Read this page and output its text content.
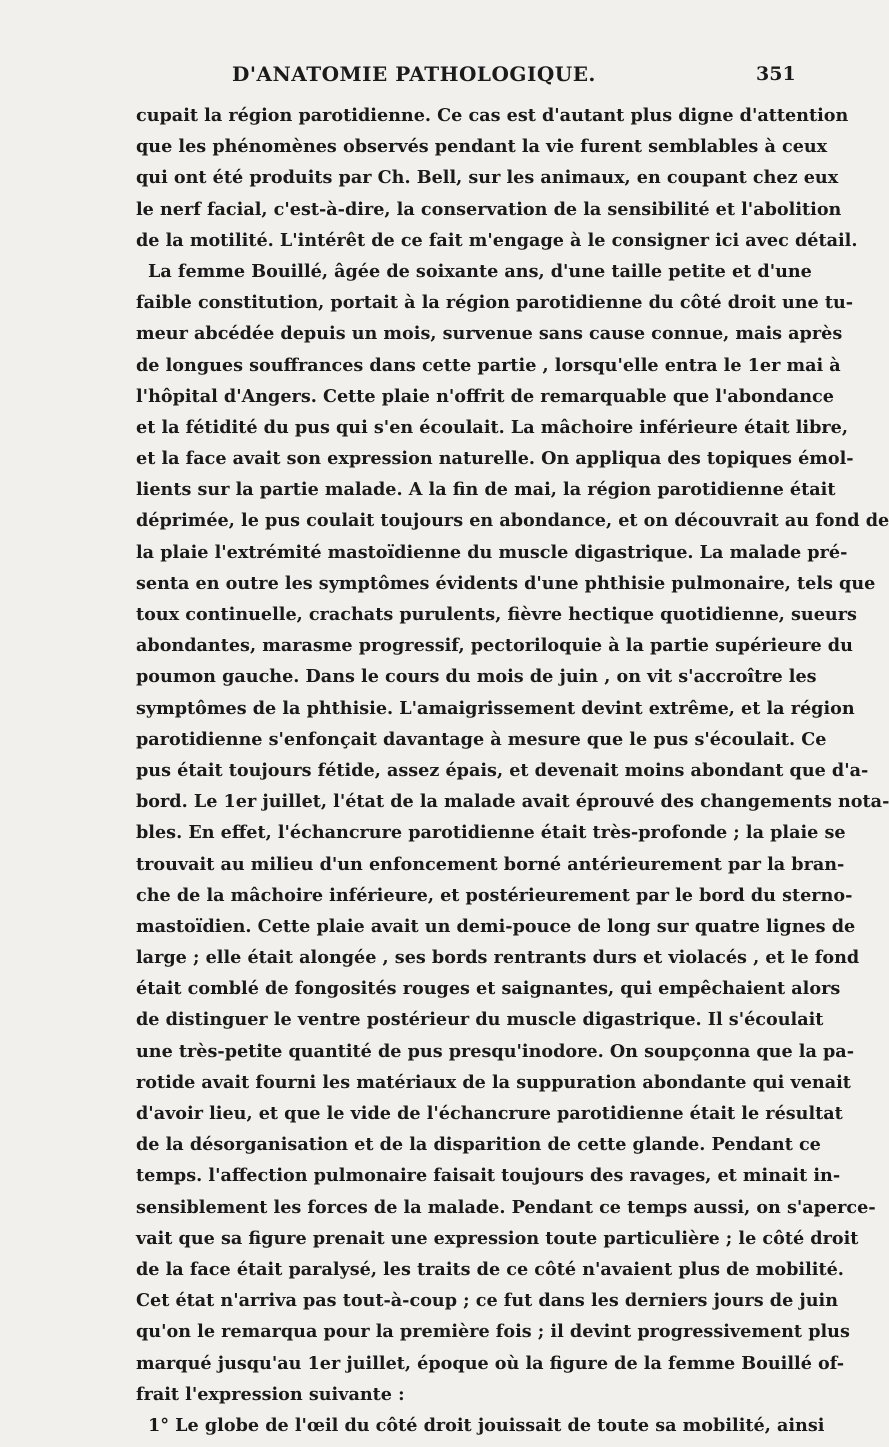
D'ANATOMIE PATHOLOGIQUE.	351
cupait la région parotidienne. Ce cas est d'autant plus digne d'attention
que les phénomènes observés pendant la vie furent semblables à ceux
qui ont été produits par Ch. Bell, sur les animaux, en coupant chez eux
le nerf facial, c'est-à-dire, la conservation de la sensibilité et l'abolition
de la motilité. L'intérêt de ce fait m'engage à le consigner ici avec détail.
La femme Bouillé, âgée de soixante ans, d'une taille petite et d'une
faible constitution, portait à la région parotidienne du côté droit une tu-
meur abcédée depuis un mois, survenue sans cause connue, mais après
de longues souffrances dans cette partie , lorsqu'elle entra le 1er mai à
l'hôpital d'Angers. Cette plaie n'offrit de remarquable que l'abondance
et la fétidité du pus qui s'en écoulait. La mâchoire inférieure était libre,
et la face avait son expression naturelle. On appliqua des topiques émol-
lients sur la partie malade. A la fin de mai, la région parotidienne était
déprimée, le pus coulait toujours en abondance, et on découvrait au fond de
la plaie l'extrémité mastoïdienne du muscle digastrique. La malade pré-
senta en outre les symptômes évidents d'une phthisie pulmonaire, tels que
toux continuelle, crachats purulents, fièvre hectique quotidienne, sueurs
abondantes, marasme progressif, pectoriloquie à la partie supérieure du
poumon gauche. Dans le cours du mois de juin , on vit s'accroître les
symptômes de la phthisie. L'amaigrissement devint extrême, et la région
parotidienne s'enfonçait davantage à mesure que le pus s'écoulait. Ce
pus était toujours fétide, assez épais, et devenait moins abondant que d'a-
bord. Le 1er juillet, l'état de la malade avait éprouvé des changements nota-
bles. En effet, l'échancrure parotidienne était très-profonde ; la plaie se
trouvait au milieu d'un enfoncement borné antérieurement par la bran-
che de la mâchoire inférieure, et postérieurement par le bord du sterno-
mastoïdien. Cette plaie avait un demi-pouce de long sur quatre lignes de
large ; elle était alongée , ses bords rentrants durs et violacés , et le fond
était comblé de fongosités rouges et saignantes, qui empêchaient alors
de distinguer le ventre postérieur du muscle digastrique. Il s'écoulait
une très-petite quantité de pus presqu'inodore. On soupçonna que la pa-
rotide avait fourni les matériaux de la suppuration abondante qui venait
d'avoir lieu, et que le vide de l'échancrure parotidienne était le résultat
de la désorganisation et de la disparition de cette glande. Pendant ce
temps. l'affection pulmonaire faisait toujours des ravages, et minait in-
sensiblement les forces de la malade. Pendant ce temps aussi, on s'aperce-
vait que sa figure prenait une expression toute particulière ; le côté droit
de la face était paralysé, les traits de ce côté n'avaient plus de mobilité.
Cet état n'arriva pas tout-à-coup ; ce fut dans les derniers jours de juin
qu'on le remarqua pour la première fois ; il devint progressivement plus
marqué jusqu'au 1er juillet, époque où la figure de la femme Bouillé of-
frait l'expression suivante :
1° Le globe de l'œil du côté droit jouissait de toute sa mobilité, ainsi
